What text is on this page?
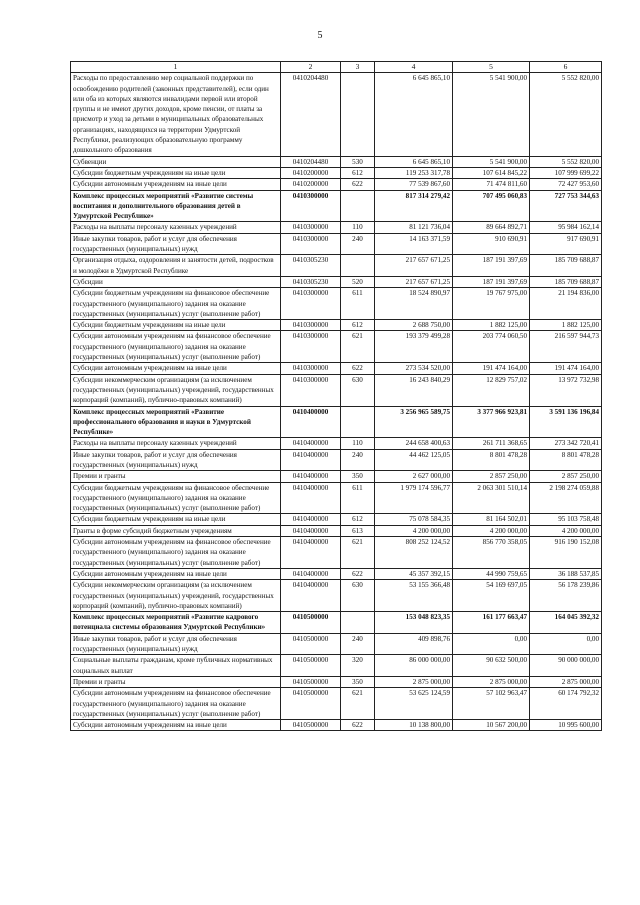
5
1	2	3	4	5	6
Расходы по предоставлению мер социальной поддержки по освобождению родителей (законных представителей), если один или оба из которых являются инвалидами первой или второй группы и не имеют других доходов, кроме пенсии, от платы за присмотр и уход за детьми в муниципальных образовательных организациях, находящихся на территории Удмуртской Республики, реализующих образовательную программу дошкольного образования	0410204480		6 645 865,10	5 541 900,00	5 552 820,00
Субвенции	0410204480	530	6 645 865,10	5 541 900,00	5 552 820,00
Субсидии бюджетным учреждениям на иные цели	0410200000	612	119 253 317,78	107 614 845,22	107 999 699,22
Субсидии автономным учреждениям на иные цели	0410200000	622	77 539 867,60	71 474 811,60	72 427 953,60
Комплекс процессных мероприятий «Развитие системы воспитания и дополнительного образования детей в Удмуртской Республике»	0410300000		817 314 279,42	707 495 060,83	727 753 344,63
Расходы на выплаты персоналу казенных учреждений	0410300000	110	81 121 736,04	89 664 892,71	95 984 162,14
Иные закупки товаров, работ и услуг для обеспечения государственных (муниципальных) нужд	0410300000	240	14 163 371,59	910 690,91	917 690,91
Организация отдыха, оздоровления и занятости детей, подростков и молодёжи в Удмуртской Республике	0410305230		217 657 671,25	187 191 397,69	185 709 688,87
Субсидии	0410305230	520	217 657 671,25	187 191 397,69	185 709 688,87
Субсидии бюджетным учреждениям на финансовое обеспечение государственного (муниципального) задания на оказание государственных (муниципальных) услуг (выполнение работ)	0410300000	611	18 524 890,97	19 767 975,00	21 194 836,00
Субсидии бюджетным учреждениям на иные цели	0410300000	612	2 688 750,00	1 882 125,00	1 882 125,00
Субсидии автономным учреждениям на финансовое обеспечение государственного (муниципального) задания на оказание государственных (муниципальных) услуг (выполнение работ)	0410300000	621	193 379 499,28	203 774 060,50	216 597 944,73
Субсидии автономным учреждениям на иные цели	0410300000	622	273 534 520,00	191 474 164,00	191 474 164,00
Субсидии некоммерческим организациям (за исключением государственных (муниципальных) учреждений, государственных корпораций (компаний), публично-правовых компаний)	0410300000	630	16 243 840,29	12 829 757,02	13 972 732,98
Комплекс процессных мероприятий «Развитие профессионального образования и науки в Удмуртской Республике»	0410400000		3 256 965 589,75	3 377 966 923,81	3 591 136 196,84
Расходы на выплаты персоналу казенных учреждений	0410400000	110	244 658 400,63	261 711 368,65	273 342 720,41
Иные закупки товаров, работ и услуг для обеспечения государственных (муниципальных) нужд	0410400000	240	44 462 125,05	8 801 478,28	8 801 478,28
Премии и гранты	0410400000	350	2 627 000,00	2 857 250,00	2 857 250,00
Субсидии бюджетным учреждениям на финансовое обеспечение государственного (муниципального) задания на оказание государственных (муниципальных) услуг (выполнение работ)	0410400000	611	1 979 174 596,77	2 063 301 510,14	2 198 274 059,88
Субсидии бюджетным учреждениям на иные цели	0410400000	612	75 078 584,35	81 164 502,01	95 103 758,48
Гранты в форме субсидий бюджетным учреждениям	0410400000	613	4 200 000,00	4 200 000,00	4 200 000,00
Субсидии автономным учреждениям на финансовое обеспечение государственного (муниципального) задания на оказание государственных (муниципальных) услуг (выполнение работ)	0410400000	621	808 252 124,52	856 770 358,05	916 190 152,08
Субсидии автономным учреждениям на иные цели	0410400000	622	45 357 392,15	44 990 759,65	36 188 537,85
Субсидии некоммерческим организациям (за исключением государственных (муниципальных) учреждений, государственных корпораций (компаний), публично-правовых компаний)	0410400000	630	53 155 366,48	54 169 697,05	56 178 239,86
Комплекс процессных мероприятий «Развитие кадрового потенциала системы образования Удмуртской Республики»	0410500000		153 048 823,35	161 177 663,47	164 045 392,32
Иные закупки товаров, работ и услуг для обеспечения государственных (муниципальных) нужд	0410500000	240	409 898,76	0,00	0,00
Социальные выплаты гражданам, кроме публичных нормативных социальных выплат	0410500000	320	86 000 000,00	90 632 500,00	90 000 000,00
Премии и гранты	0410500000	350	2 875 000,00	2 875 000,00	2 875 000,00
Субсидии автономным учреждениям на финансовое обеспечение государственного (муниципального) задания на оказание государственных (муниципальных) услуг (выполнение работ)	0410500000	621	53 625 124,59	57 102 963,47	60 174 792,32
Субсидии автономным учреждениям на иные цели	0410500000	622	10 138 800,00	10 567 200,00	10 995 600,00
